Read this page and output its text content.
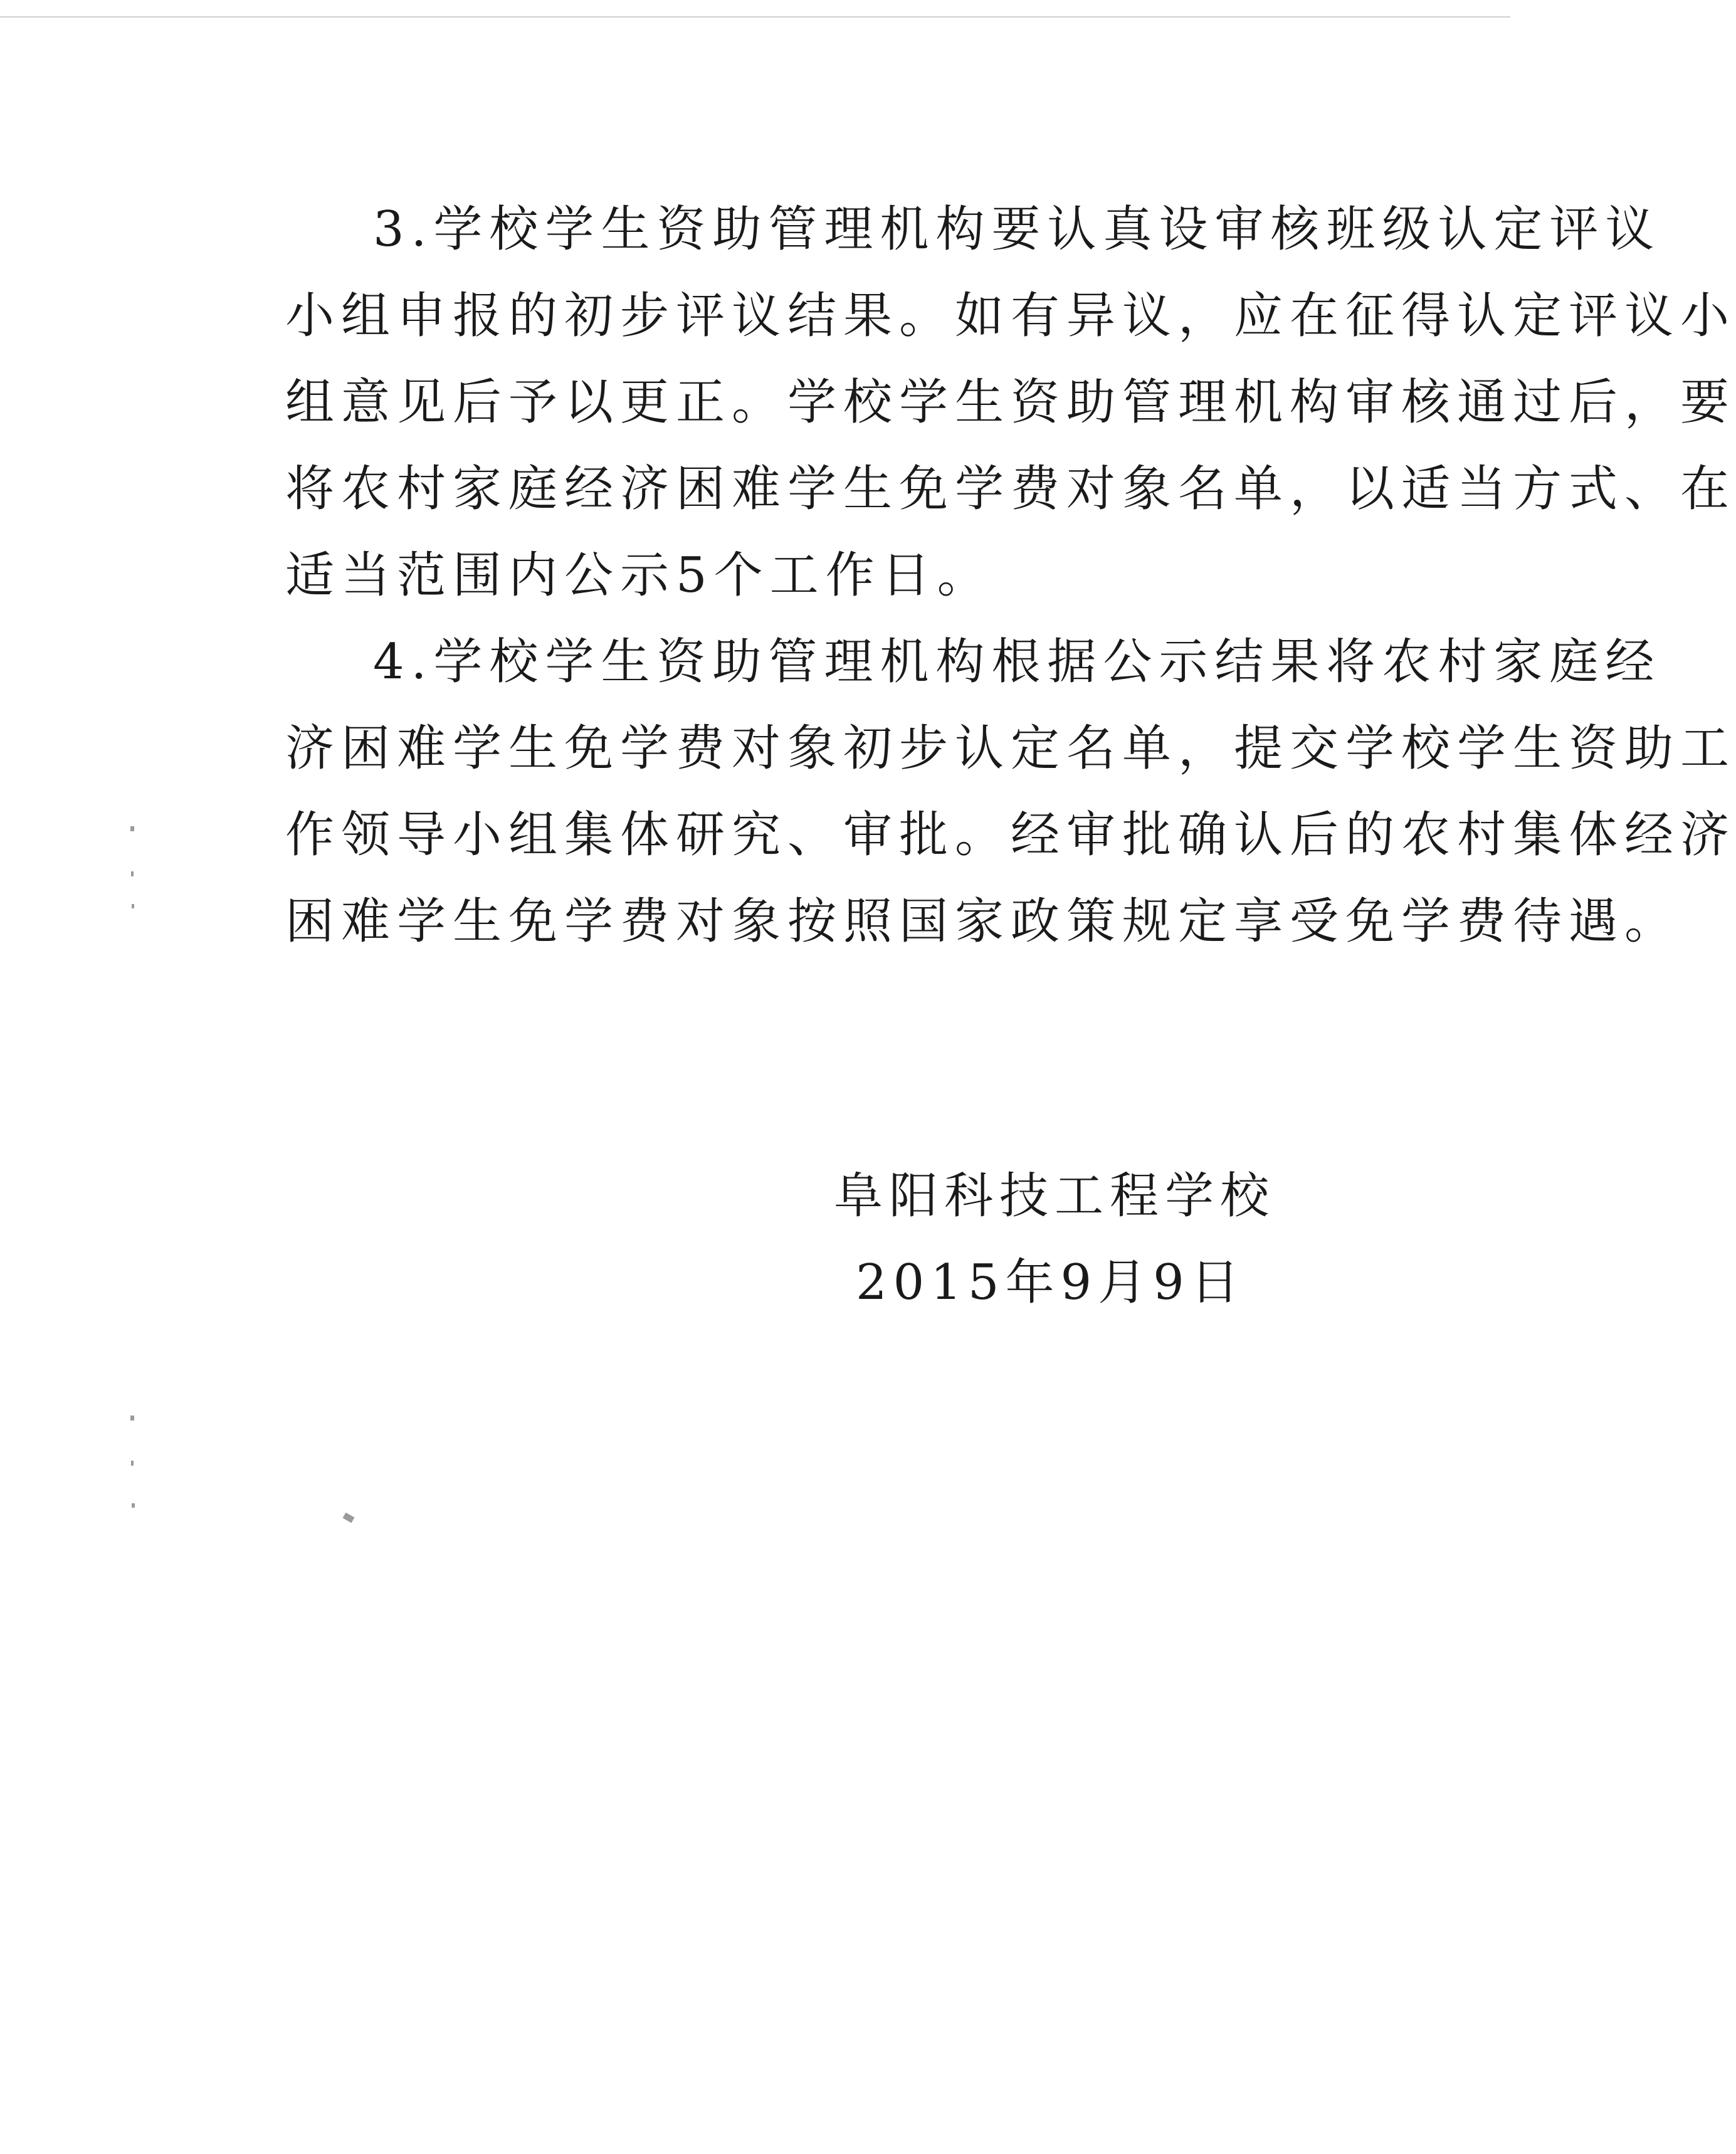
3.学校学生资助管理机构要认真设审核班级认定评议
小组申报的初步评议结果。如有异议，应在征得认定评议小
组意见后予以更正。学校学生资助管理机构审核通过后，要
将农村家庭经济困难学生免学费对象名单，以适当方式、在
适当范围内公示5个工作日。
4.学校学生资助管理机构根据公示结果将农村家庭经
济困难学生免学费对象初步认定名单，提交学校学生资助工
作领导小组集体研究、审批。经审批确认后的农村集体经济
困难学生免学费对象按照国家政策规定享受免学费待遇。
阜阳科技工程学校
2015年9月9日
